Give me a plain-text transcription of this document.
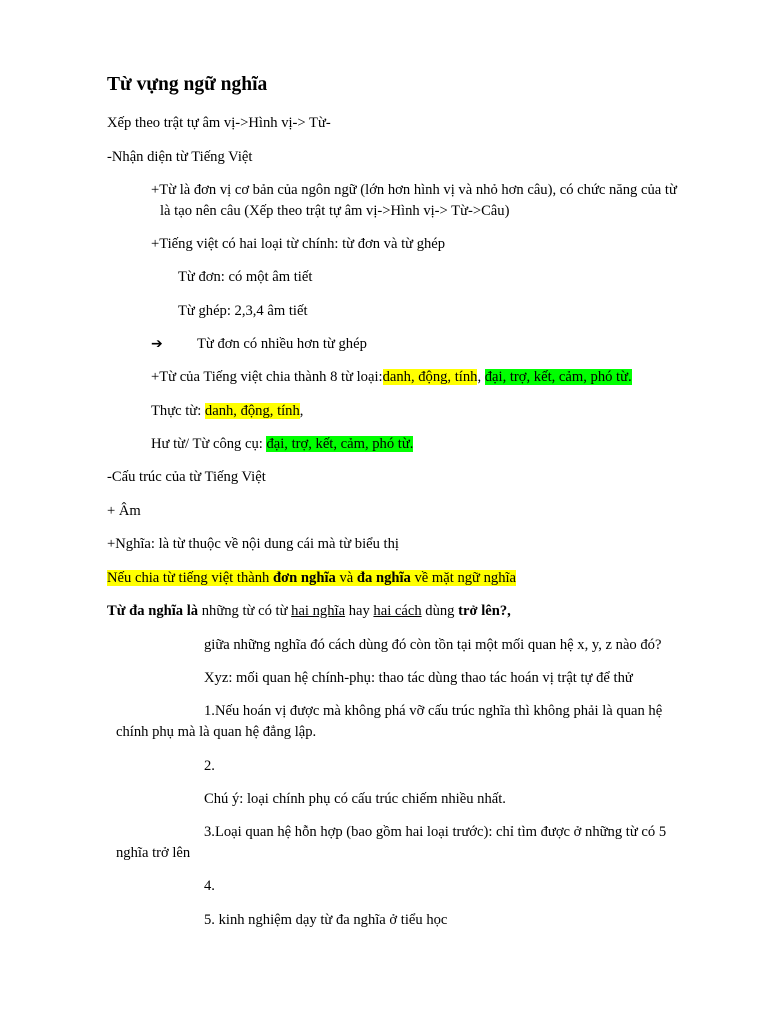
Từ vựng ngữ nghĩa
Xếp theo trật tự âm vị->Hình vị-> Từ-
-Nhận diện từ Tiếng Việt
+Từ là đơn vị cơ bản của ngôn ngữ (lớn hơn hình vị và nhỏ hơn câu), có chức năng của từ
là tạo nên câu (Xếp theo trật tự âm vị->Hình vị-> Từ->Câu)
+Tiếng việt có hai loại từ chính: từ đơn và từ ghép
Từ đơn: có một âm tiết
Từ ghép: 2,3,4 âm tiết
➔ Từ đơn có nhiều hơn từ ghép
+Từ của Tiếng việt chia thành 8 từ loại:danh, động, tính, đại, trợ, kết, cảm, phó từ.
Thực từ: danh, động, tính,
Hư từ/ Từ công cụ: đại, trợ, kết, cảm, phó từ.
-Cấu trúc của từ Tiếng Việt
+ Âm
+Nghĩa: là từ thuộc về nội dung cái mà từ biểu thị
Nếu chia từ tiếng việt thành đơn nghĩa và đa nghĩa về mặt ngữ nghĩa
Từ đa nghĩa là những từ có từ hai nghĩa hay hai cách dùng trở lên?,
giữa những nghĩa đó cách dùng đó còn tồn tại một mối quan hệ x, y, z nào đó?
Xyz: mối quan hệ chính-phụ: thao tác dùng thao tác hoán vị trật tự để thử
1.Nếu hoán vị được mà không phá vỡ cấu trúc nghĩa thì không phải là quan hệ
chính phụ mà là quan hệ đẳng lập.
2.
Chú ý: loại chính phụ có cấu trúc chiếm nhiều nhất.
3.Loại quan hệ hỗn hợp (bao gồm hai loại trước): chỉ tìm được ở những từ có 5
nghĩa trở lên
4.
5. kinh nghiệm dạy từ đa nghĩa ở tiểu học
